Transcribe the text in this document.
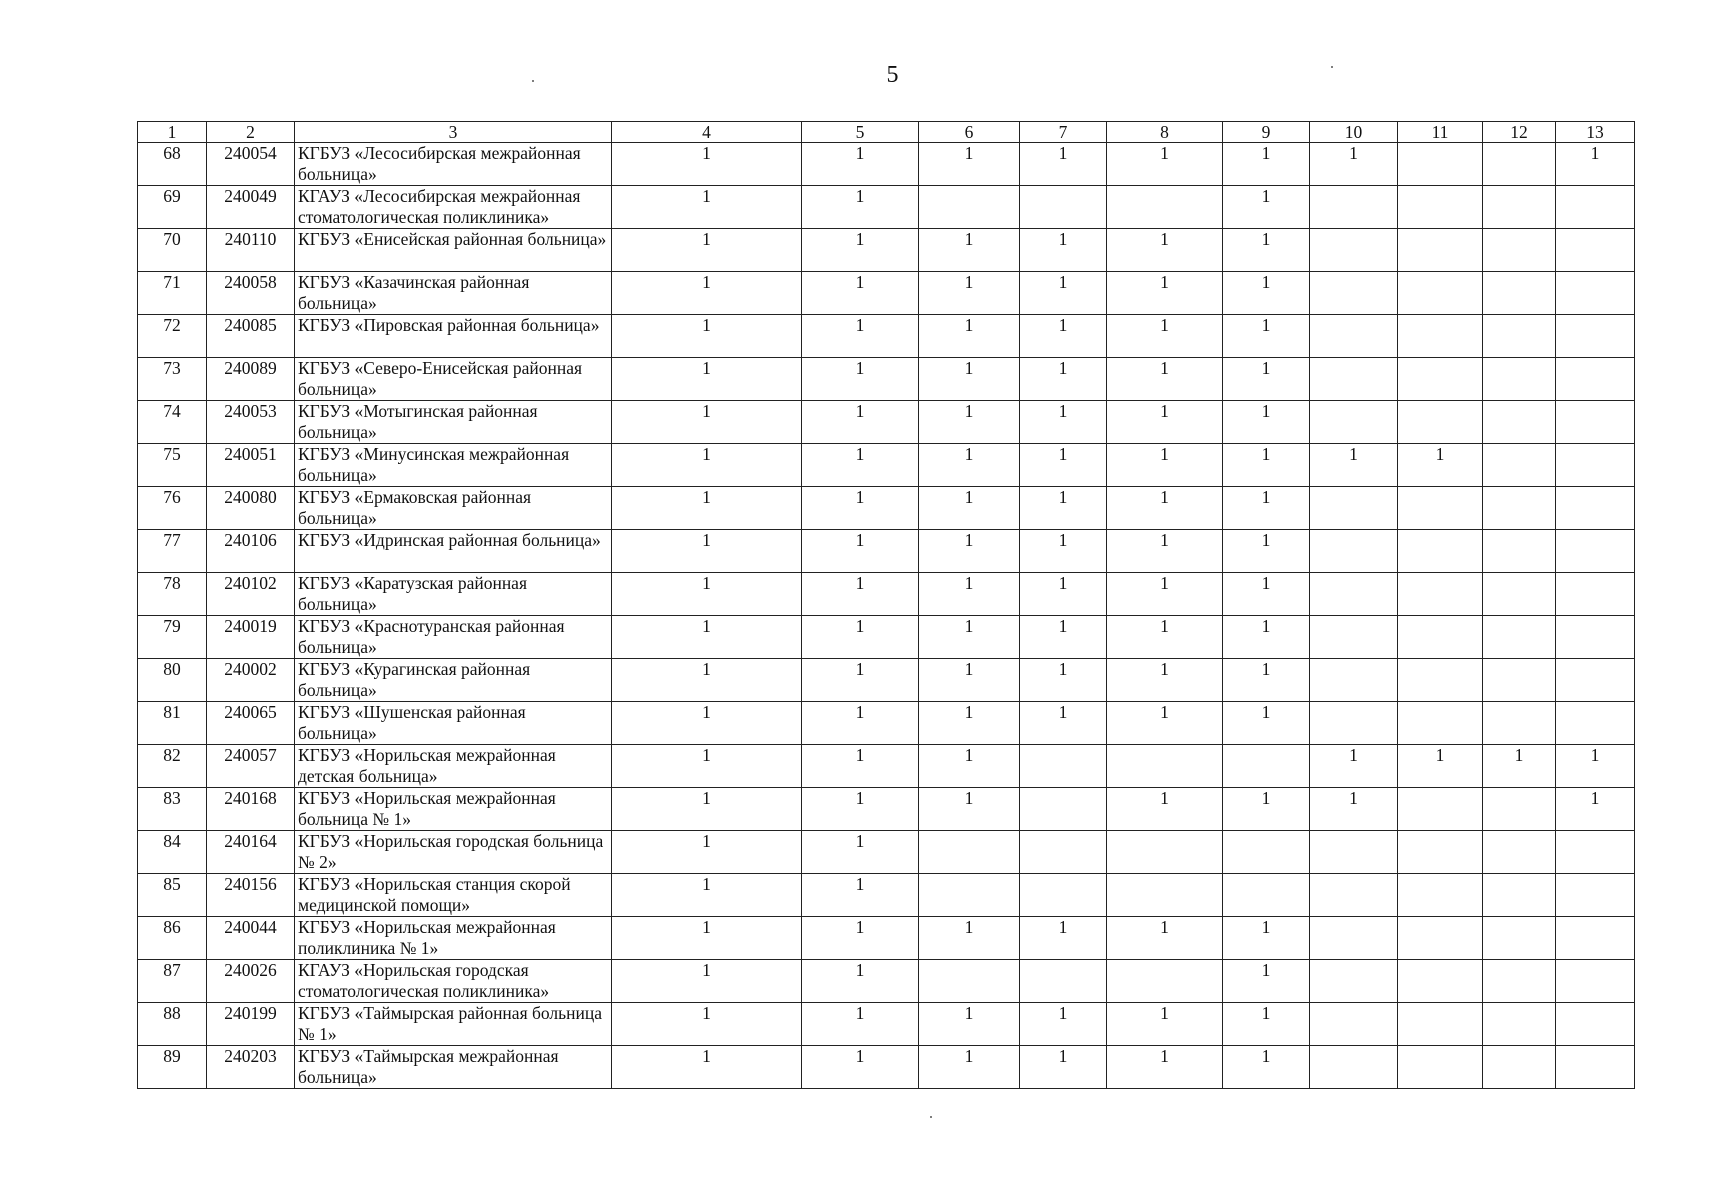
5
1	2	3	4	5	6	7	8	9	10	11	12	13
68	240054	КГБУЗ «Лесосибирская межрайонная больница»	1	1	1	1	1	1	1			1
69	240049	КГАУЗ «Лесосибирская межрайонная стоматологическая поликлиника»	1	1				1				
70	240110	КГБУЗ «Енисейская районная больница»	1	1	1	1	1	1				
71	240058	КГБУЗ «Казачинская районная больница»	1	1	1	1	1	1				
72	240085	КГБУЗ «Пировская районная больница»	1	1	1	1	1	1				
73	240089	КГБУЗ «Северо-Енисейская районная больница»	1	1	1	1	1	1				
74	240053	КГБУЗ «Мотыгинская районная больница»	1	1	1	1	1	1				
75	240051	КГБУЗ «Минусинская межрайонная больница»	1	1	1	1	1	1	1	1		
76	240080	КГБУЗ «Ермаковская районная больница»	1	1	1	1	1	1				
77	240106	КГБУЗ «Идринская районная больница»	1	1	1	1	1	1				
78	240102	КГБУЗ «Каратузская районная больница»	1	1	1	1	1	1				
79	240019	КГБУЗ «Краснотуранская районная больница»	1	1	1	1	1	1				
80	240002	КГБУЗ «Курагинская районная больница»	1	1	1	1	1	1				
81	240065	КГБУЗ «Шушенская районная больница»	1	1	1	1	1	1				
82	240057	КГБУЗ «Норильская межрайонная детская больница»	1	1	1				1	1	1	1
83	240168	КГБУЗ «Норильская межрайонная больница № 1»	1	1	1		1	1	1			1
84	240164	КГБУЗ «Норильская городская больница № 2»	1	1								
85	240156	КГБУЗ «Норильская станция скорой медицинской помощи»	1	1								
86	240044	КГБУЗ «Норильская межрайонная поликлиника № 1»	1	1	1	1	1	1				
87	240026	КГАУЗ «Норильская городская стоматологическая поликлиника»	1	1				1				
88	240199	КГБУЗ «Таймырская районная больница № 1»	1	1	1	1	1	1				
89	240203	КГБУЗ «Таймырская межрайонная больница»	1	1	1	1	1	1				
